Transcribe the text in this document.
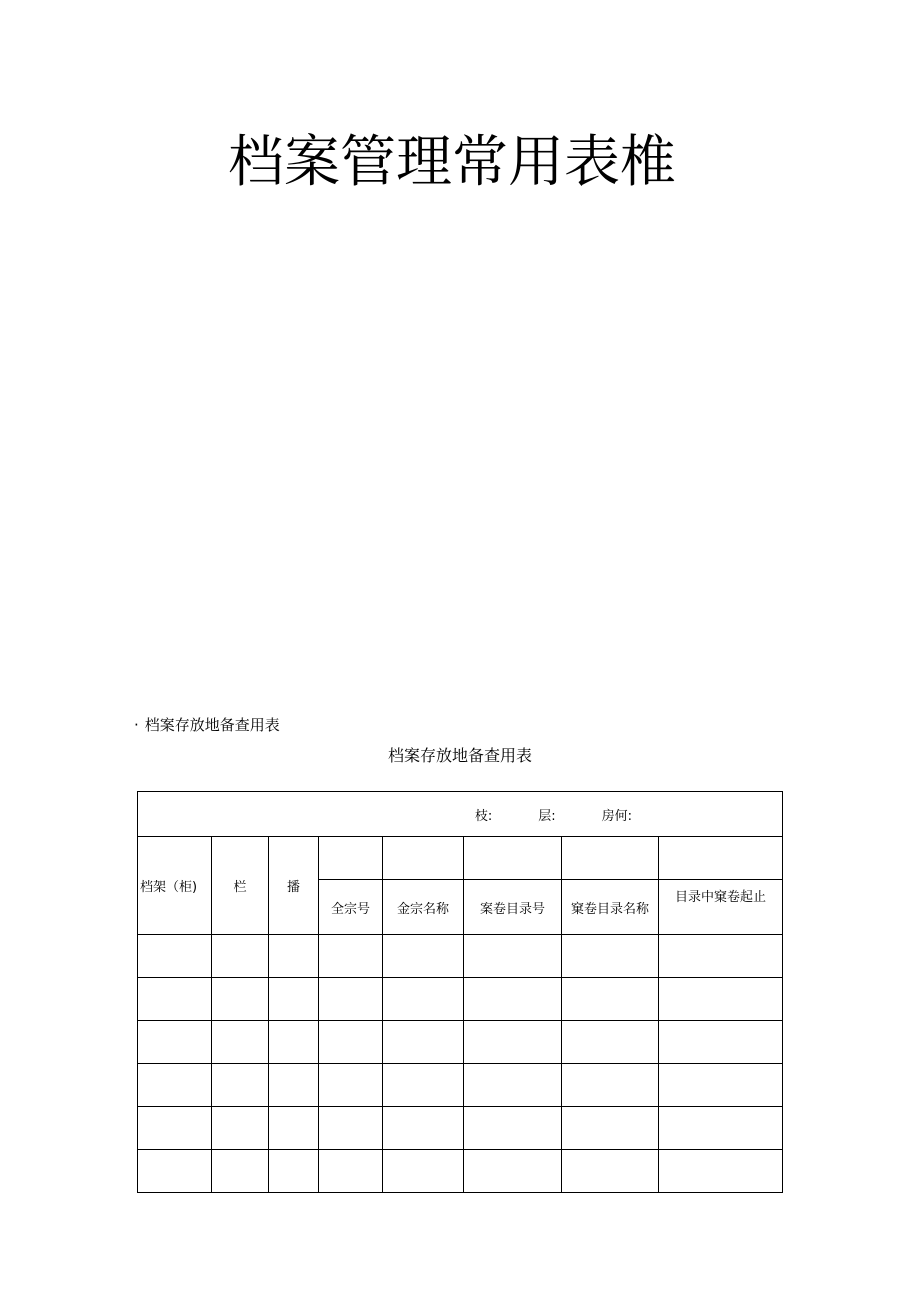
档案管理常用表椎
· 档案存放地备查用表
档案存放地备查用表
枝: 层: 房何:							
档架（柜)	栏	播					
			全宗号	金宗名称	案卷目录号	窠卷目录名称	目录中窠卷起止
